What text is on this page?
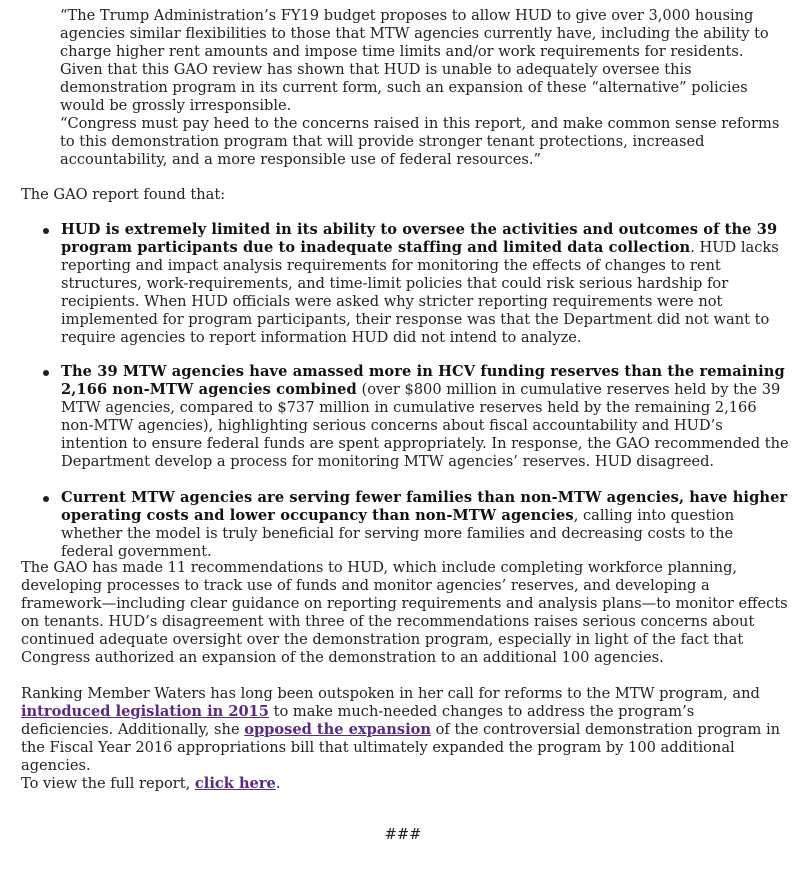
“The Trump Administration’s FY19 budget proposes to allow HUD to give over 3,000 housing agencies similar flexibilities to those that MTW agencies currently have, including the ability to charge higher rent amounts and impose time limits and/or work requirements for residents. Given that this GAO review has shown that HUD is unable to adequately oversee this demonstration program in its current form, such an expansion of these “alternative” policies would be grossly irresponsible.

“Congress must pay heed to the concerns raised in this report, and make common sense reforms to this demonstration program that will provide stronger tenant protections, increased accountability, and a more responsible use of federal resources.”

The GAO report found that:

HUD is extremely limited in its ability to oversee the activities and outcomes of the 39 program participants due to inadequate staffing and limited data collection. HUD lacks reporting and impact analysis requirements for monitoring the effects of changes to rent structures, work-requirements, and time-limit policies that could risk serious hardship for recipients. When HUD officials were asked why stricter reporting requirements were not implemented for program participants, their response was that the Department did not want to require agencies to report information HUD did not intend to analyze.
The 39 MTW agencies have amassed more in HCV funding reserves than the remaining 2,166 non-MTW agencies combined (over $800 million in cumulative reserves held by the 39 MTW agencies, compared to $737 million in cumulative reserves held by the remaining 2,166 non-MTW agencies), highlighting serious concerns about fiscal accountability and HUD’s intention to ensure federal funds are spent appropriately. In response, the GAO recommended the Department develop a process for monitoring MTW agencies’ reserves. HUD disagreed.
Current MTW agencies are serving fewer families than non-MTW agencies, have higher operating costs and lower occupancy than non-MTW agencies, calling into question whether the model is truly beneficial for serving more families and decreasing costs to the federal government.

The GAO has made 11 recommendations to HUD, which include completing workforce planning, developing processes to track use of funds and monitor agencies’ reserves, and developing a framework—including clear guidance on reporting requirements and analysis plans—to monitor effects on tenants. HUD’s disagreement with three of the recommendations raises serious concerns about continued adequate oversight over the demonstration program, especially in light of the fact that Congress authorized an expansion of the demonstration to an additional 100 agencies.

Ranking Member Waters has long been outspoken in her call for reforms to the MTW program, and introduced legislation in 2015 to make much-needed changes to address the program’s deficiencies. Additionally, she opposed the expansion of the controversial demonstration program in the Fiscal Year 2016 appropriations bill that ultimately expanded the program by 100 additional agencies.

To view the full report, click here.

###
